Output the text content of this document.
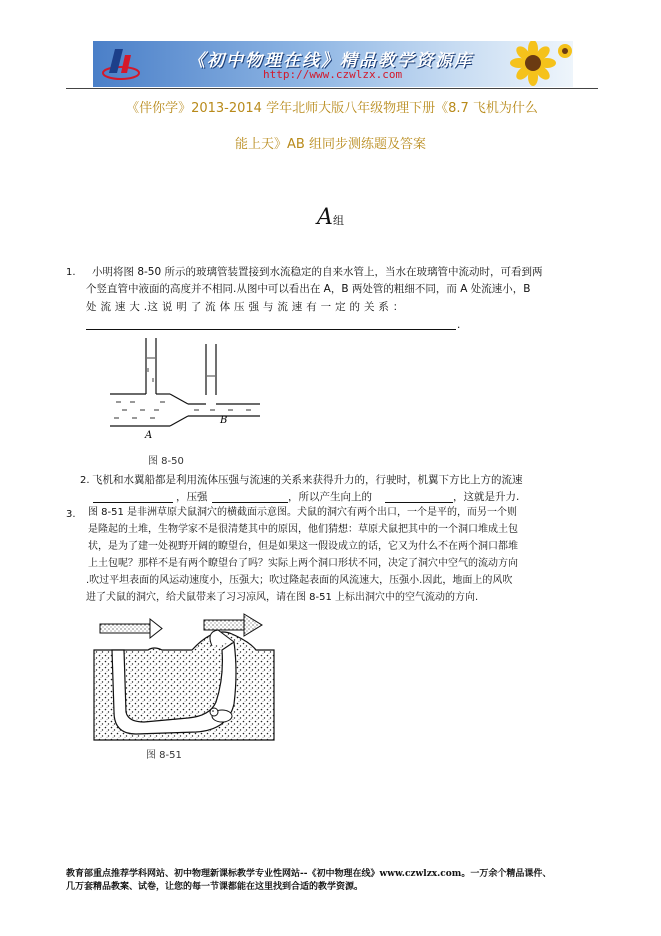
《初中物理在线》精品教学资源库
http://www.czwlzx.com
《伴你学》2013-2014 学年北师大版八年级物理下册《8.7 飞机为什么
能上天》AB 组同步测练题及答案
A组
1. 小明将图 8-50 所示的玻璃管装置接到水流稳定的自来水管上，当水在玻璃管中流动时，可看到两
个竖直管中液面的高度并不相同.从图中可以看出在 A，B 两处管的粗细不同，而 A 处流速小，B
处 流 速 大 .这 说 明 了 流 体 压 强 与 流 速 有 一 定 的 关 系 ：
.
A
B
图 8-50
2. 飞机和水翼船都是利用流体压强与流速的关系来获得升力的，行驶时，机翼下方比上方的流速
，压强	，所以产生向上的	，这就是升力.
3. 图 8-51 是非洲草原犬鼠洞穴的横截面示意图。犬鼠的洞穴有两个出口，一个是平的，而另一个则
是隆起的土堆，生物学家不是很清楚其中的原因，他们猜想：草原犬鼠把其中的一个洞口堆成土包
状，是为了建一处视野开阔的瞭望台，但是如果这一假设成立的话，它又为什么不在两个洞口都堆
上土包呢？那样不是有两个瞭望台了吗？实际上两个洞口形状不同，决定了洞穴中空气的流动方向
.吹过平坦表面的风运动速度小，压强大；吹过隆起表面的风流速大，压强小.因此，地面上的风吹
进了犬鼠的洞穴，给犬鼠带来了习习凉风，请在图 8-51 上标出洞穴中的空气流动的方向.
图 8-51
教育部重点推荐学科网站、初中物理新课标教学专业性网站--《初中物理在线》www.czwlzx.com。一万余个精品课件、
几万套精品教案、试卷，让您的每一节课都能在这里找到合适的教学资源。
